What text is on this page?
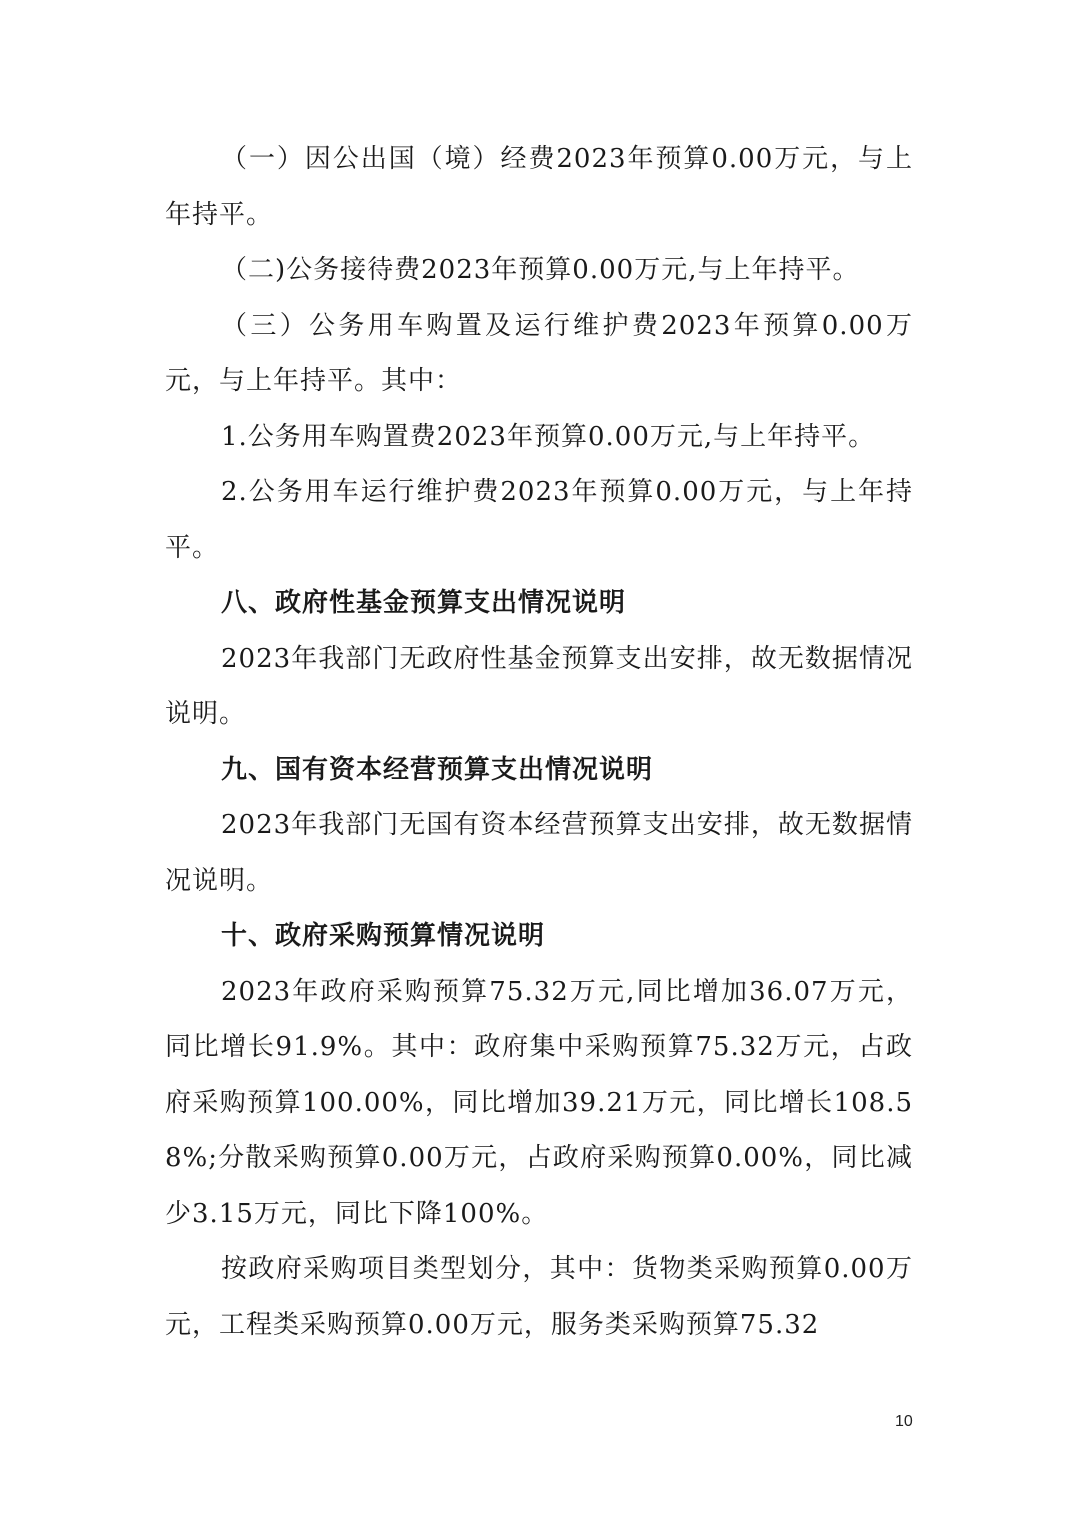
（一）因公出国（境）经费2023年预算0.00万元，与上年持平。

（二)公务接待费2023年预算0.00万元,与上年持平。

（三）公务用车购置及运行维护费2023年预算0.00万元，与上年持平。其中：

1.公务用车购置费2023年预算0.00万元,与上年持平。

2.公务用车运行维护费2023年预算0.00万元，与上年持平。

八、政府性基金预算支出情况说明

2023年我部门无政府性基金预算支出安排，故无数据情况说明。

九、国有资本经营预算支出情况说明

2023年我部门无国有资本经营预算支出安排，故无数据情况说明。

十、政府采购预算情况说明

2023年政府采购预算75.32万元,同比增加36.07万元，同比增长91.9%。其中：政府集中采购预算75.32万元，占政府采购预算100.00%，同比增加39.21万元，同比增长108.58%;分散采购预算0.00万元，占政府采购预算0.00%，同比减少3.15万元，同比下降100%。

按政府采购项目类型划分，其中：货物类采购预算0.00万元，工程类采购预算0.00万元，服务类采购预算75.32

10
